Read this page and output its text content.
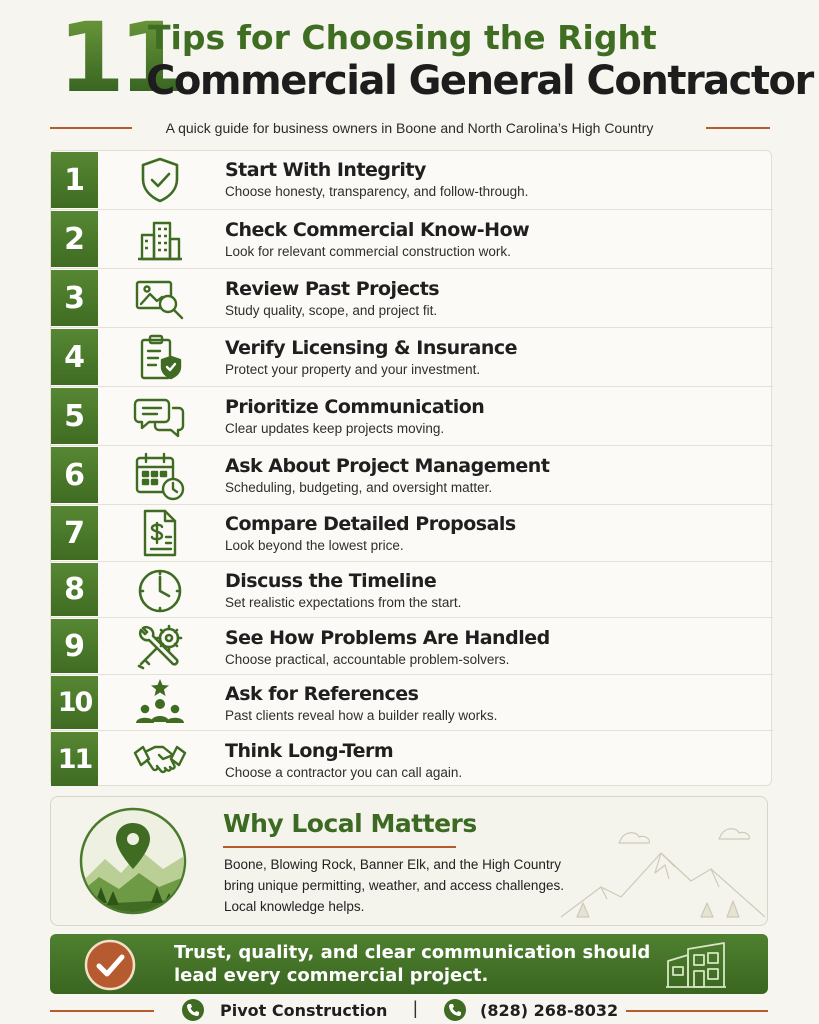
11
Tips for Choosing the Right
Commercial General Contractor
A quick guide for business owners in Boone and North Carolina’s High Country
1	Start With Integrity
Choose honesty, transparency, and follow-through.
2	Check Commercial Know-How
Look for relevant commercial construction work.
3	Review Past Projects
Study quality, scope, and project fit.
4	Verify Licensing & Insurance
Protect your property and your investment.
5	Prioritize Communication
Clear updates keep projects moving.
6	Ask About Project Management
Scheduling, budgeting, and oversight matter.
7	Compare Detailed Proposals
Look beyond the lowest price.
8	Discuss the Timeline
Set realistic expectations from the start.
9	See How Problems Are Handled
Choose practical, accountable problem-solvers.
10	Ask for References
Past clients reveal how a builder really works.
11	Think Long-Term
Choose a contractor you can call again.
Why Local Matters
Boone, Blowing Rock, Banner Elk, and the High Country
bring unique permitting, weather, and access challenges.
Local knowledge helps.
Trust, quality, and clear communication should
lead every commercial project.
Pivot Construction |	(828) 268-8032
